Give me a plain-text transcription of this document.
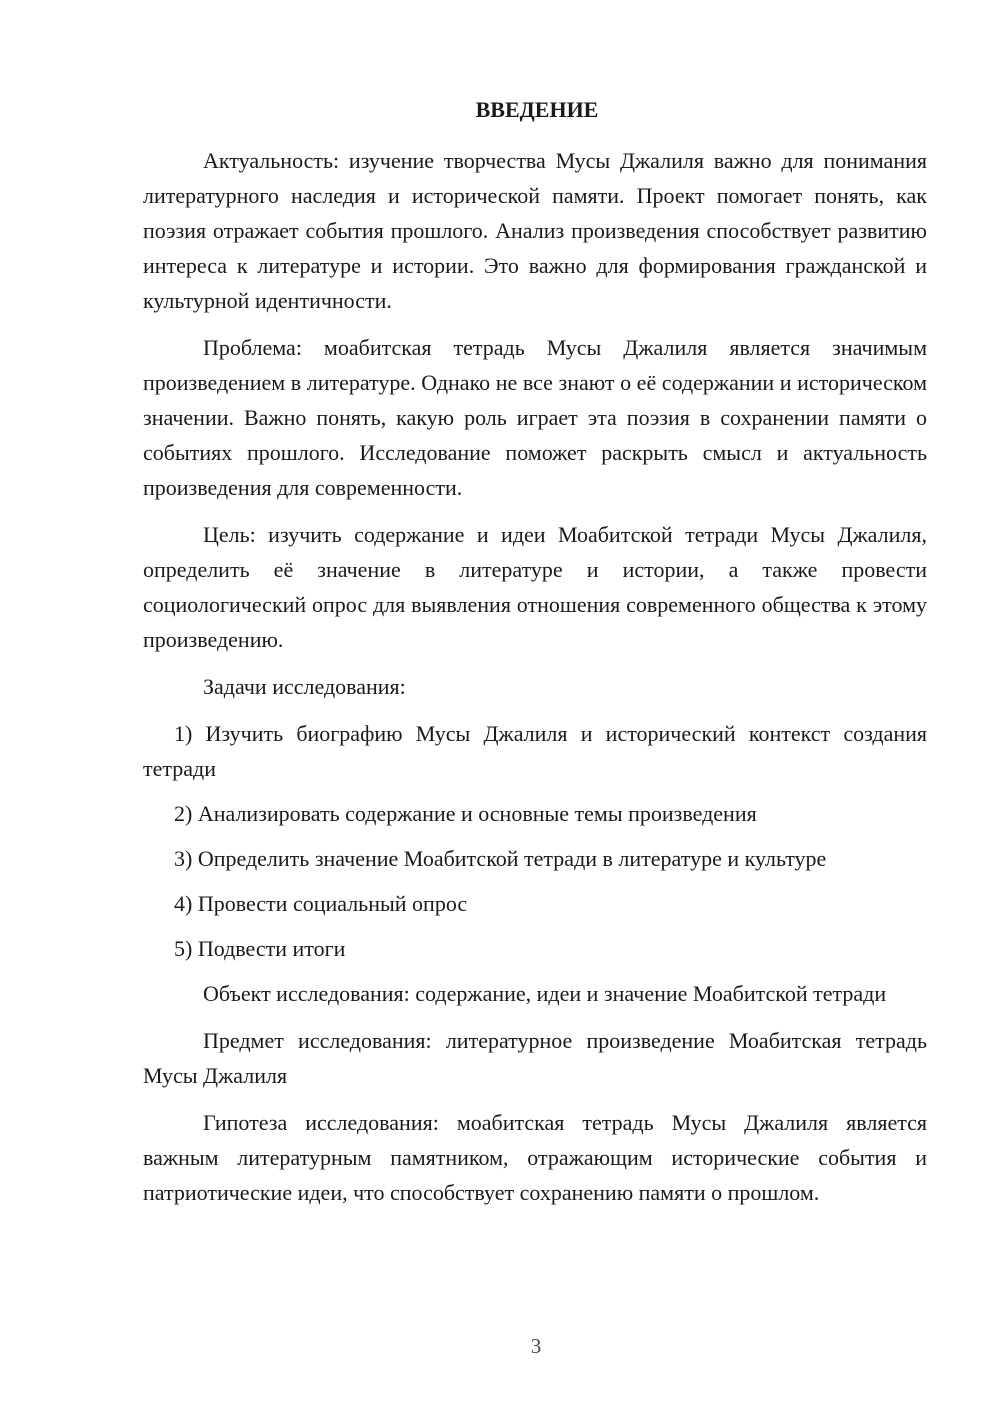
ВВЕДЕНИЕ

Актуальность: изучение творчества Мусы Джалиля важно для понимания литературного наследия и исторической памяти. Проект помогает понять, как поэзия отражает события прошлого. Анализ произведения способствует развитию интереса к литературе и истории. Это важно для формирования гражданской и культурной идентичности.

Проблема: моабитская тетрадь Мусы Джалиля является значимым произведением в литературе. Однако не все знают о её содержании и историческом значении. Важно понять, какую роль играет эта поэзия в сохранении памяти о событиях прошлого. Исследование поможет раскрыть смысл и актуальность произведения для современности.

Цель: изучить содержание и идеи Моабитской тетради Мусы Джалиля, определить её значение в литературе и истории, а также провести социологический опрос для выявления отношения современного общества к этому произведению.

Задачи исследования:

1) Изучить биографию Мусы Джалиля и исторический контекст создания тетради
2) Анализировать содержание и основные темы произведения
3) Определить значение Моабитской тетради в литературе и культуре
4) Провести социальный опрос
5) Подвести итоги

Объект исследования: содержание, идеи и значение Моабитской тетради

Предмет исследования: литературное произведение Моабитская тетрадь Мусы Джалиля

Гипотеза исследования: моабитская тетрадь Мусы Джалиля является важным литературным памятником, отражающим исторические события и патриотические идеи, что способствует сохранению памяти о прошлом.

3
